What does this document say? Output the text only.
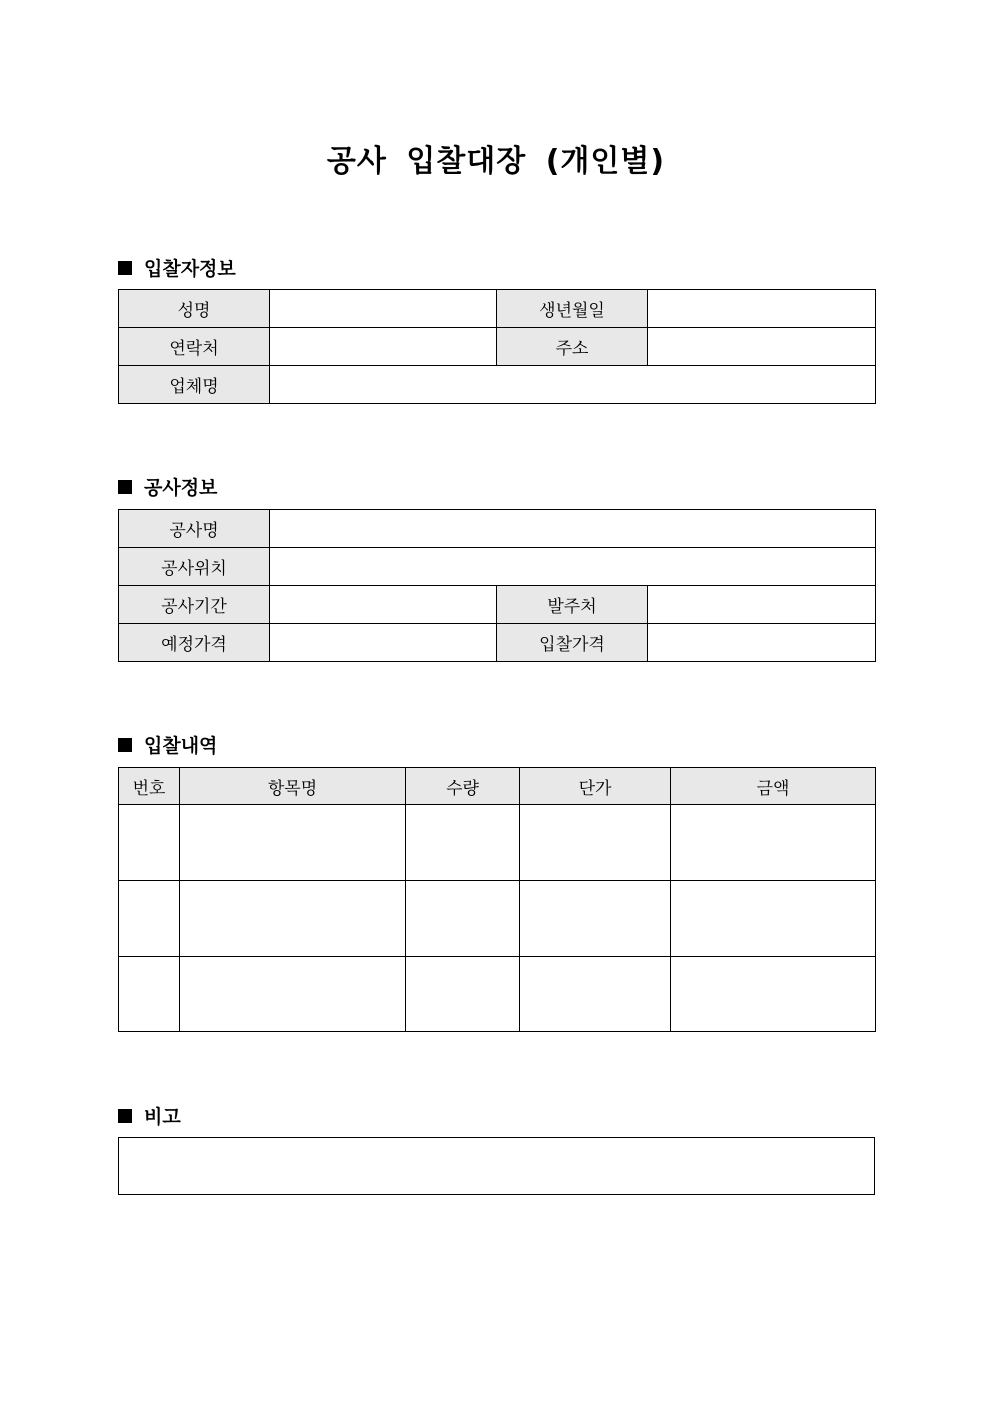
공사 입찰대장 (개인별)
입찰자정보
성명		생년월일	
연락처		주소	
업체명			
공사정보
공사명			
공사위치			
공사기간		발주처	
예정가격		입찰가격	
입찰내역
번호	항목명	수량	단가	금액

비고
